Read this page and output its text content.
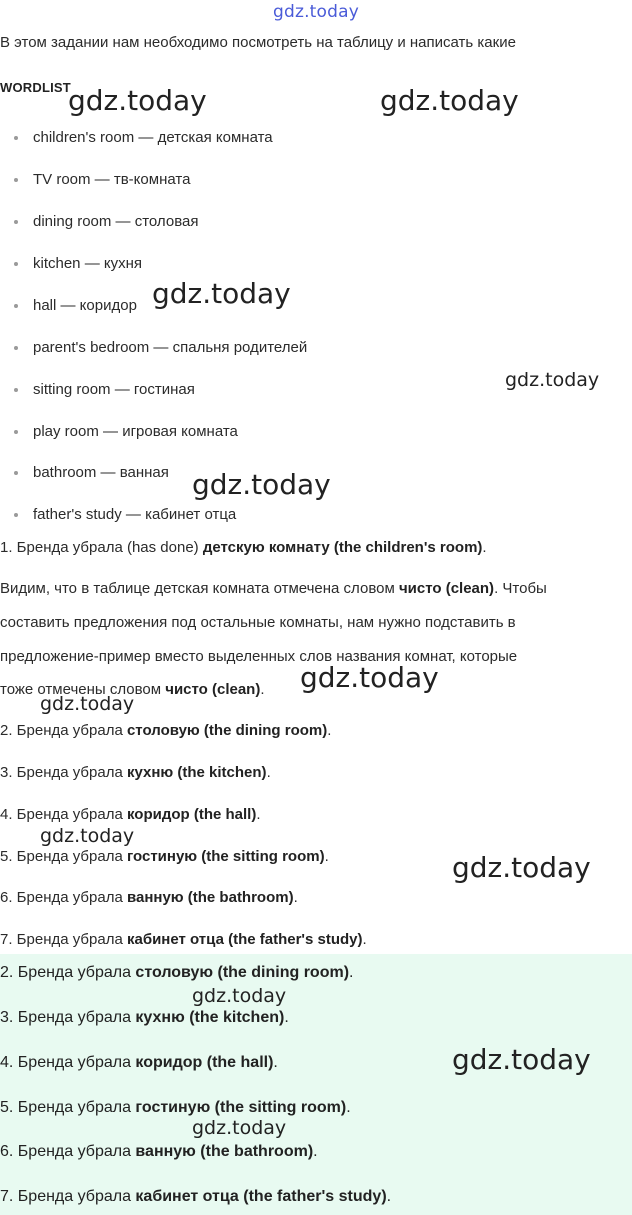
gdz.today
В этом задании нам необходимо посмотреть на таблицу и написать какие
WORDLIST
children's room — детская комната
TV room — тв-комната
dining room — столовая
kitchen — кухня
hall — коридор
parent's bedroom — спальня родителей
sitting room — гостиная
play room — игровая комната
bathroom — ванная
father's study — кабинет отца
1. Бренда убрала (has done) детскую комнату (the children's room).
Видим, что в таблице детская комната отмечена словом чисто (clean). Чтобы
составить предложения под остальные комнаты, нам нужно подставить в
предложение-пример вместо выделенных слов названия комнат, которые
тоже отмечены словом чисто (clean).
2. Бренда убрала столовую (the dining room).
3. Бренда убрала кухню (the kitchen).
4. Бренда убрала коридор (the hall).
5. Бренда убрала гостиную (the sitting room).
6. Бренда убрала ванную (the bathroom).
7. Бренда убрала кабинет отца (the father's study).
2. Бренда убрала столовую (the dining room).
3. Бренда убрала кухню (the kitchen).
4. Бренда убрала коридор (the hall).
5. Бренда убрала гостиную (the sitting room).
6. Бренда убрала ванную (the bathroom).
7. Бренда убрала кабинет отца (the father's study).
gdz.today	gdz.today
gdz.today
gdz.today
gdz.today
gdz.today
gdz.today
gdz.today
gdz.today
gdz.today
gdz.today
gdz.today
